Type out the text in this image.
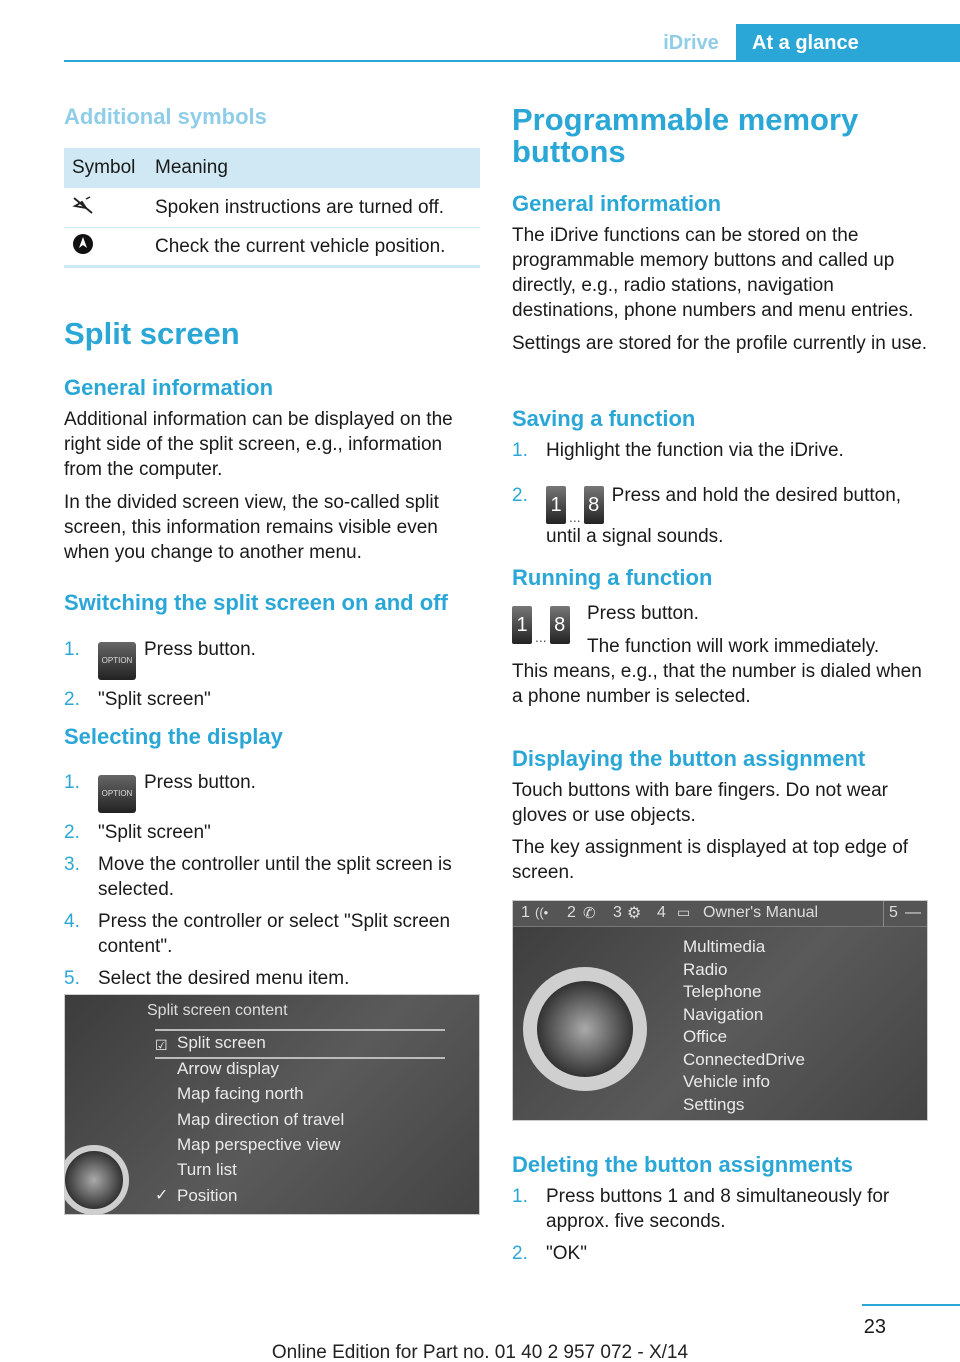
iDrive	At a glance
Additional symbols
Symbol	Meaning
Spoken instructions are turned off.
Check the current vehicle position.
Split screen
General information
Additional information can be displayed on the right side of the split screen, e.g., information from the computer.
In the divided screen view, the so-called split screen, this information remains visible even when you change to another menu.
Switching the split screen on and off
1.
OPTIONPress button.
2. "Split screen"
Selecting the display
1.
OPTIONPress button.
2. "Split screen"
3. Move the controller until the split screen is selected.
4. Press the controller or select "Split screen content".
5. Select the desired menu item.
Split screen content
☑ Split screen
Arrow display
Map facing north
Map direction of travel
Map perspective view
Turn list
✓ Position
Programmable memory buttons
General information
The iDrive functions can be stored on the programmable memory buttons and called up directly, e.g., radio stations, navigation destinations, phone numbers and menu entries.
Settings are stored for the profile currently in use.
Saving a function
1. Highlight the function via the iDrive.
2.	1
...
8 Press and hold the desired button, until a signal sounds.
Running a function
1
...
8
Press button.
The function will work immediately.
This means, e.g., that the number is dialed when a phone number is selected.
Displaying the button assignment
Touch buttons with bare fingers. Do not wear gloves or use objects.
The key assignment is displayed at top edge of screen.
1 ((• 2 ✆ 3 ⚙ 4 ▭ Owner's Manual	5 —
Multimedia
Radio
Telephone
Navigation
Office
ConnectedDrive
Vehicle info
Settings
Deleting the button assignments
1. Press buttons 1 and 8 simultaneously for approx. five seconds.
2. "OK"
23
Online Edition for Part no. 01 40 2 957 072 - X/14
